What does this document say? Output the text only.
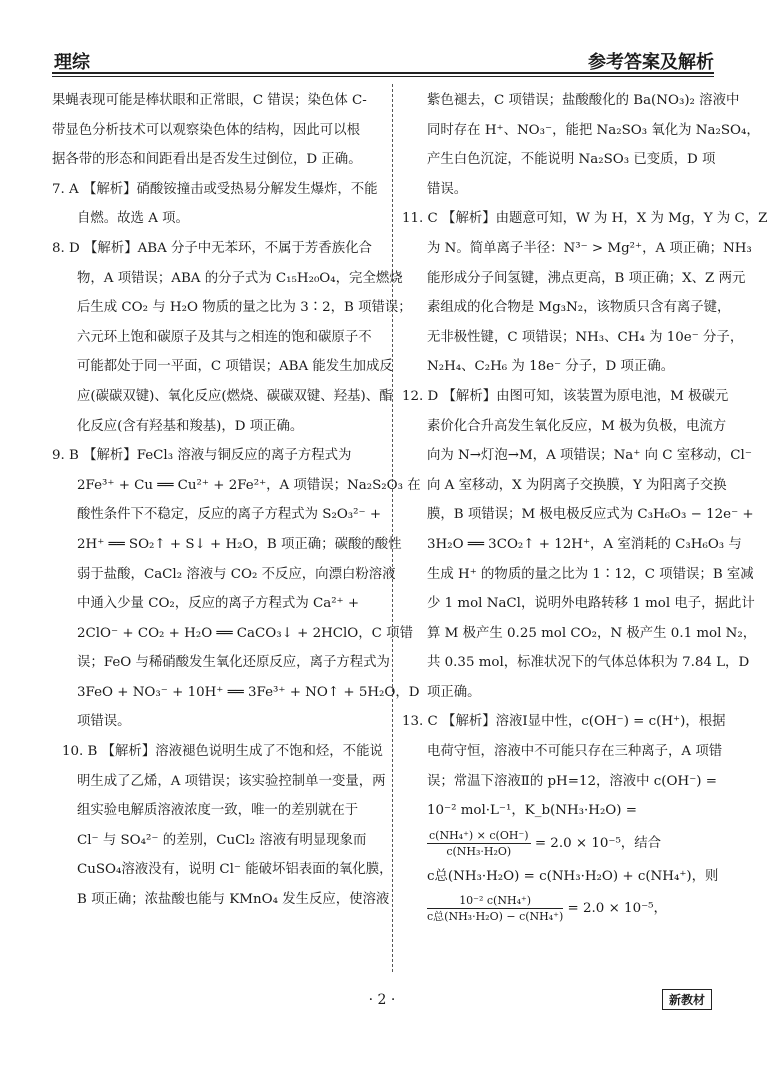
理综	参考答案及解析
果蝇表现可能是棒状眼和正常眼，C 错误；染色体 C-
带显色分析技术可以观察染色体的结构，因此可以根
据各带的形态和间距看出是否发生过倒位，D 正确。
7. A 【解析】硝酸铵撞击或受热易分解发生爆炸，不能
自燃。故选 A 项。
8. D 【解析】ABA 分子中无苯环，不属于芳香族化合
物，A 项错误；ABA 的分子式为 C₁₅H₂₀O₄，完全燃烧
后生成 CO₂ 与 H₂O 物质的量之比为 3∶2，B 项错误；
六元环上饱和碳原子及其与之相连的饱和碳原子不
可能都处于同一平面，C 项错误；ABA 能发生加成反
应(碳碳双键)、氧化反应(燃烧、碳碳双键、羟基)、酯
化反应(含有羟基和羧基)，D 项正确。
9. B 【解析】FeCl₃ 溶液与铜反应的离子方程式为
2Fe³⁺ + Cu ══ Cu²⁺ + 2Fe²⁺，A 项错误；Na₂S₂O₃ 在
酸性条件下不稳定，反应的离子方程式为 S₂O₃²⁻ +
2H⁺ ══ SO₂↑ + S↓ + H₂O，B 项正确；碳酸的酸性
弱于盐酸，CaCl₂ 溶液与 CO₂ 不反应，向漂白粉溶液
中通入少量 CO₂，反应的离子方程式为 Ca²⁺ +
2ClO⁻ + CO₂ + H₂O ══ CaCO₃↓ + 2HClO，C 项错
误；FeO 与稀硝酸发生氧化还原反应，离子方程式为
3FeO + NO₃⁻ + 10H⁺ ══ 3Fe³⁺ + NO↑ + 5H₂O，D
项错误。
10. B 【解析】溶液褪色说明生成了不饱和烃，不能说
明生成了乙烯，A 项错误；该实验控制单一变量，两
组实验电解质溶液浓度一致，唯一的差别就在于
Cl⁻ 与 SO₄²⁻ 的差别，CuCl₂ 溶液有明显现象而
CuSO₄溶液没有，说明 Cl⁻ 能破坏铝表面的氧化膜，
B 项正确；浓盐酸也能与 KMnO₄ 发生反应，使溶液
紫色褪去，C 项错误；盐酸酸化的 Ba(NO₃)₂ 溶液中
同时存在 H⁺、NO₃⁻，能把 Na₂SO₃ 氧化为 Na₂SO₄，
产生白色沉淀，不能说明 Na₂SO₃ 已变质，D 项
错误。
11. C 【解析】由题意可知，W 为 H，X 为 Mg，Y 为 C，Z
为 N。简单离子半径：N³⁻ > Mg²⁺，A 项正确；NH₃
能形成分子间氢键，沸点更高，B 项正确；X、Z 两元
素组成的化合物是 Mg₃N₂，该物质只含有离子键，
无非极性键，C 项错误；NH₃、CH₄ 为 10e⁻ 分子，
N₂H₄、C₂H₆ 为 18e⁻ 分子，D 项正确。
12. D 【解析】由图可知，该装置为原电池，M 极碳元
素价化合升高发生氧化反应，M 极为负极，电流方
向为 N→灯泡→M，A 项错误；Na⁺ 向 C 室移动，Cl⁻
向 A 室移动，X 为阴离子交换膜，Y 为阳离子交换
膜，B 项错误；M 极电极反应式为 C₃H₆O₃ − 12e⁻ +
3H₂O ══ 3CO₂↑ + 12H⁺，A 室消耗的 C₃H₆O₃ 与
生成 H⁺ 的物质的量之比为 1∶12，C 项错误；B 室减
少 1 mol NaCl，说明外电路转移 1 mol 电子，据此计
算 M 极产生 0.25 mol CO₂，N 极产生 0.1 mol N₂，
共 0.35 mol，标准状况下的气体总体积为 7.84 L，D
项正确。
13. C 【解析】溶液Ⅰ显中性，c(OH⁻) = c(H⁺)，根据
电荷守恒，溶液中不可能只存在三种离子，A 项错
误；常温下溶液Ⅱ的 pH=12，溶液中 c(OH⁻) =
10⁻² mol·L⁻¹，K_b(NH₃·H₂O) =
$\frac{\text{c(NH₄⁺) × c(OH⁻)}}{\text{c(NH₃·H₂O)}} = 2.0 \times 10^{-5}$，结合
c总(NH₃·H₂O) = c(NH₃·H₂O) + c(NH₄⁺)，则
$\frac{\text{10⁻² c(NH₄⁺)}}{\text{c总(NH₃·H₂O) − c(NH₄⁺)}} = 2.0 \times 10^{-5}$，
· 2 ·	新教材
